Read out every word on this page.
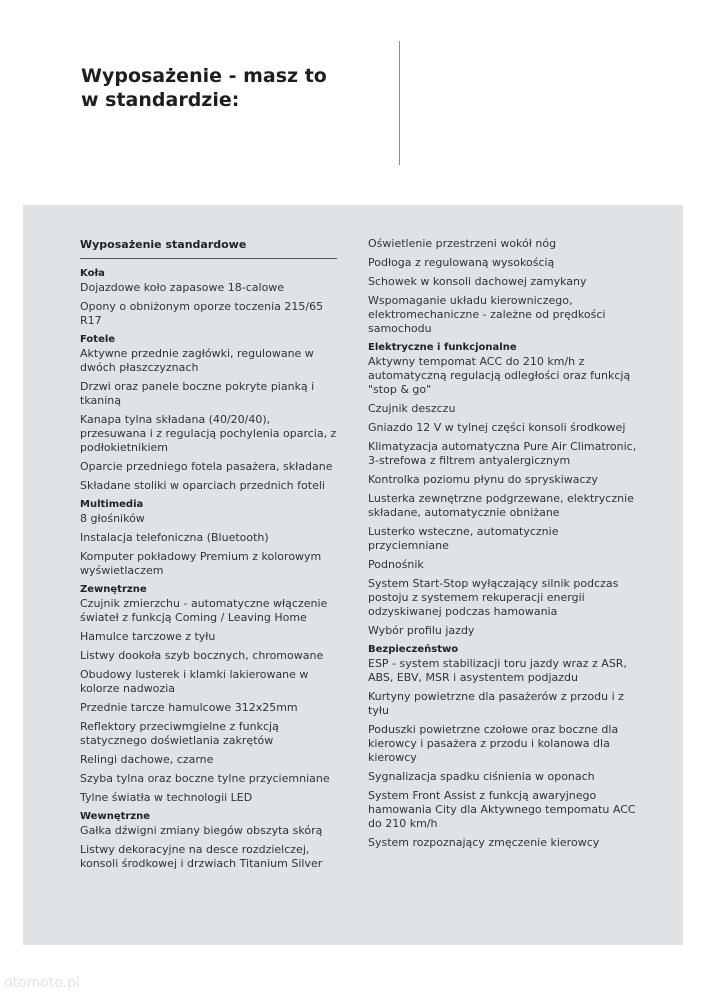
Wyposażenie - masz to
w standardzie:
Wyposażenie standardowe
Koła
Dojazdowe koło zapasowe 18-calowe
Opony o obniżonym oporze toczenia 215/65 R17
Fotele
Aktywne przednie zagłówki, regulowane w dwóch płaszczyznach
Drzwi oraz panele boczne pokryte pianką i tkaniną
Kanapa tylna składana (40/20/40), przesuwana i z regulacją pochylenia oparcia, z podłokietnikiem
Oparcie przedniego fotela pasażera, składane
Składane stoliki w oparciach przednich foteli
Multimedia
8 głośników
Instalacja telefoniczna (Bluetooth)
Komputer pokładowy Premium z kolorowym wyświetlaczem
Zewnętrzne
Czujnik zmierzchu - automatyczne włączenie świateł z funkcją Coming / Leaving Home
Hamulce tarczowe z tyłu
Listwy dookoła szyb bocznych, chromowane
Obudowy lusterek i klamki lakierowane w kolorze nadwozia
Przednie tarcze hamulcowe 312x25mm
Reflektory przeciwmgielne z funkcją statycznego doświetlania zakrętów
Relingi dachowe, czarne
Szyba tylna oraz boczne tylne przyciemniane
Tylne światła w technologii LED
Wewnętrzne
Gałka dźwigni zmiany biegów obszyta skórą
Listwy dekoracyjne na desce rozdzielczej, konsoli środkowej i drzwiach Titanium Silver
Oświetlenie przestrzeni wokół nóg
Podłoga z regulowaną wysokością
Schowek w konsoli dachowej zamykany
Wspomaganie układu kierowniczego, elektromechaniczne - zależne od prędkości samochodu
Elektryczne i funkcjonalne
Aktywny tempomat ACC do 210 km/h z automatyczną regulacją odległości oraz funkcją "stop & go"
Czujnik deszczu
Gniazdo 12 V w tylnej części konsoli środkowej
Klimatyzacja automatyczna Pure Air Climatronic, 3-strefowa z filtrem antyalergicznym
Kontrolka poziomu płynu do spryskiwaczy
Lusterka zewnętrzne podgrzewane, elektrycznie składane, automatycznie obniżane
Lusterko wsteczne, automatycznie przyciemniane
Podnośnik
System Start-Stop wyłączający silnik podczas postoju z systemem rekuperacji energii odzyskiwanej podczas hamowania
Wybór profilu jazdy
Bezpieczeństwo
ESP - system stabilizacji toru jazdy wraz z ASR, ABS, EBV, MSR i asystentem podjazdu
Kurtyny powietrzne dla pasażerów z przodu i z tyłu
Poduszki powietrzne czołowe oraz boczne dla kierowcy i pasażera z przodu i kolanowa dla kierowcy
Sygnalizacja spadku ciśnienia w oponach
System Front Assist z funkcją awaryjnego hamowania City dla Aktywnego tempomatu ACC do 210 km/h
System rozpoznający zmęczenie kierowcy
otomoto.pl
